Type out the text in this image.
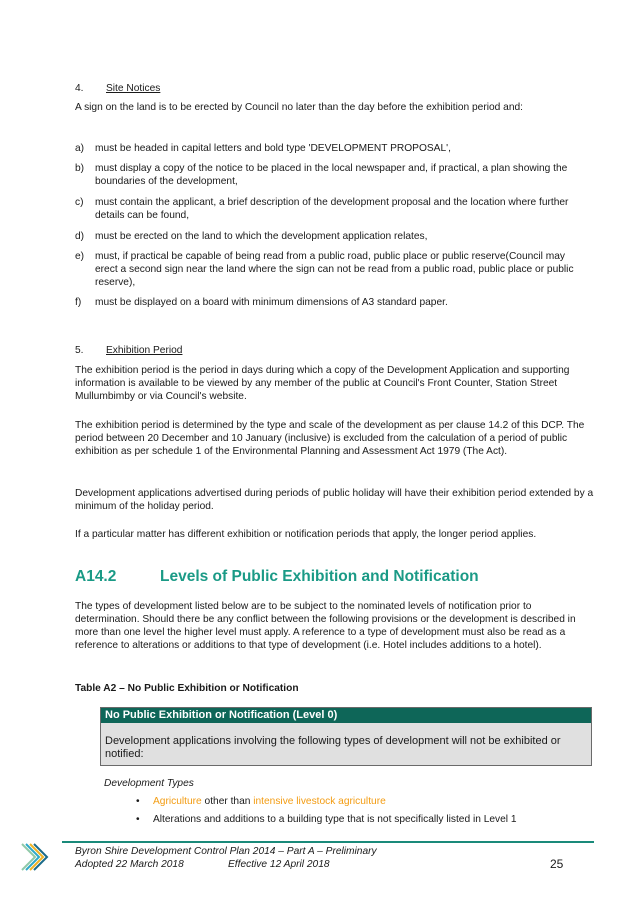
4. Site Notices
A sign on the land is to be erected by Council no later than the day before the exhibition period and:
a) must be headed in capital letters and bold type 'DEVELOPMENT PROPOSAL',
b) must display a copy of the notice to be placed in the local newspaper and, if practical, a plan showing the boundaries of the development,
c) must contain the applicant, a brief description of the development proposal and the location where further details can be found,
d) must be erected on the land to which the development application relates,
e) must, if practical be capable of being read from a public road, public place or public reserve(Council may erect a second sign near the land where the sign can not be read from a public road, public place or public reserve),
f) must be displayed on a board with minimum dimensions of A3 standard paper.
5. Exhibition Period
The exhibition period is the period in days during which a copy of the Development Application and supporting information is available to be viewed by any member of the public at Council's Front Counter, Station Street Mullumbimby or via Council's website.
The exhibition period is determined by the type and scale of the development as per clause 14.2 of this DCP. The period between 20 December and 10 January (inclusive) is excluded from the calculation of a period of public exhibition as per schedule 1 of the Environmental Planning and Assessment Act 1979 (The Act).
Development applications advertised during periods of public holiday will have their exhibition period extended by a minimum of the holiday period.
If a particular matter has different exhibition or notification periods that apply, the longer period applies.
A14.2	Levels of Public Exhibition and Notification
The types of development listed below are to be subject to the nominated levels of notification prior to determination. Should there be any conflict between the following provisions or the development is described in more than one level the higher level must apply. A reference to a type of development must also be read as a reference to alterations or additions to that type of development (i.e. Hotel includes additions to a hotel).
Table A2 – No Public Exhibition or Notification
No Public Exhibition or Notification (Level 0)
Development applications involving the following types of development will not be exhibited or notified:
Development Types
• Agriculture other than intensive livestock agriculture
• Alterations and additions to a building type that is not specifically listed in Level 1
Byron Shire Development Control Plan 2014 – Part A – Preliminary
Adopted 22 March 2018	Effective 12 April 2018	25
